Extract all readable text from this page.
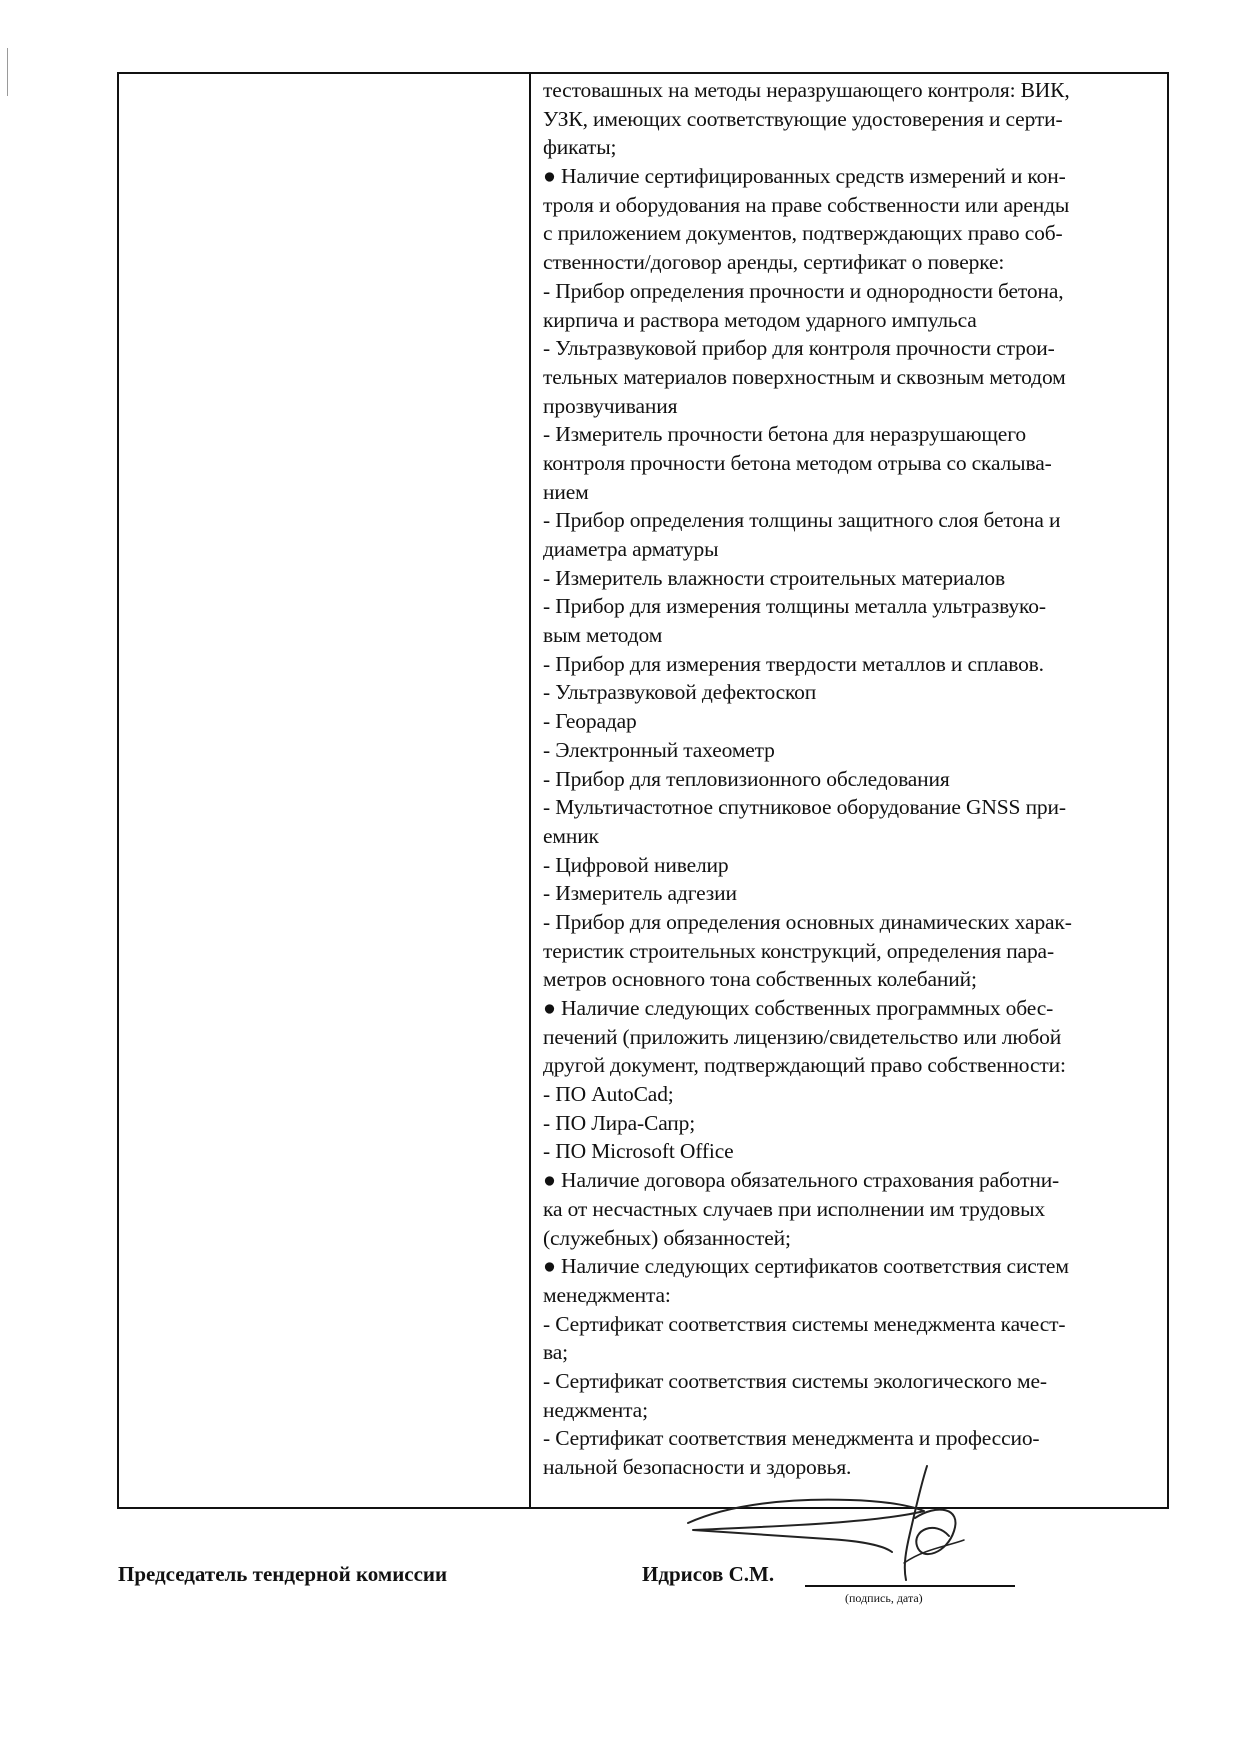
тестовашных на методы неразрушающего контроля: ВИК,
УЗК, имеющих соответствующие удостоверения и серти-
фикаты;
● Наличие сертифицированных средств измерений и кон-
троля и оборудования на праве собственности или аренды
с приложением документов, подтверждающих право соб-
ственности/договор аренды, сертификат о поверке:
- Прибор определения прочности и однородности бетона,
кирпича и раствора методом ударного импульса
- Ультразвуковой прибор для контроля прочности строи-
тельных материалов поверхностным и сквозным методом
прозвучивания
- Измеритель прочности бетона для неразрушающего
контроля прочности бетона методом отрыва со скалыва-
нием
- Прибор определения толщины защитного слоя бетона и
диаметра арматуры
- Измеритель влажности строительных материалов
- Прибор для измерения толщины металла ультразвуко-
вым методом
- Прибор для измерения твердости металлов и сплавов.
- Ультразвуковой дефектоскоп
- Георадар
- Электронный тахеометр
- Прибор для тепловизионного обследования
- Мультичастотное спутниковое оборудование GNSS при-
емник
- Цифровой нивелир
- Измеритель адгезии
- Прибор для определения основных динамических харак-
теристик строительных конструкций, определения пара-
метров основного тона собственных колебаний;
● Наличие следующих собственных программных обес-
печений (приложить лицензию/свидетельство или любой
другой документ, подтверждающий право собственности:
- ПО AutoCad;
- ПО Лира-Сапр;
- ПО Microsoft Office
● Наличие договора обязательного страхования работни-
ка от несчастных случаев при исполнении им трудовых
(служебных) обязанностей;
● Наличие следующих сертификатов соответствия систем
менеджмента:
- Сертификат соответствия системы менеджмента качест-
ва;
- Сертификат соответствия системы экологического ме-
неджмента;
- Сертификат соответствия менеджмента и профессио-
нальной безопасности и здоровья.
Председатель тендерной комиссии	Идрисов С.М.
(подпись, дата)
